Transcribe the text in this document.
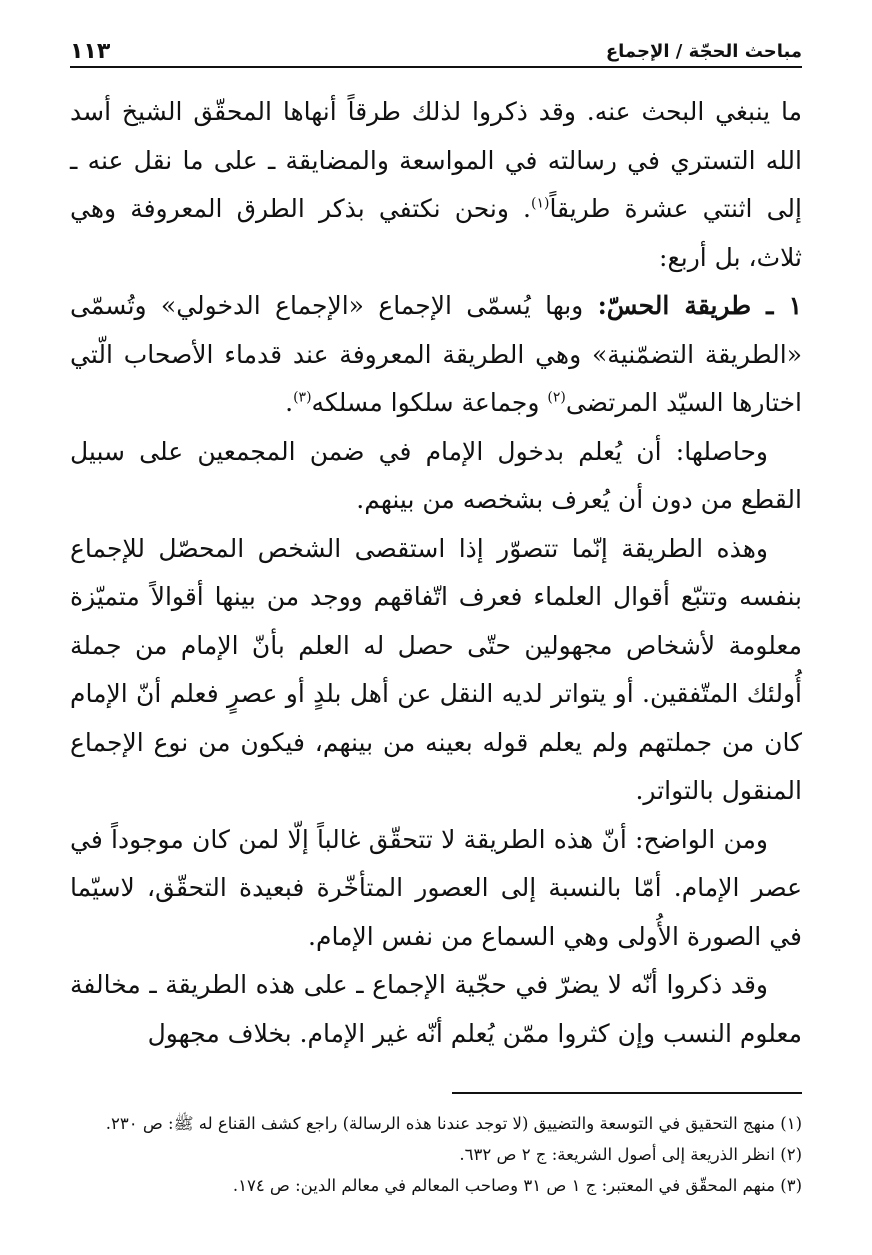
مباحث الحجّة / الإجماع
١١٣

ما ينبغي البحث عنه. وقد ذكروا لذلك طرقاً أنهاها المحقّق الشيخ أسد الله التستري في رسالته في المواسعة والمضايقة ـ على ما نقل عنه ـ إلى اثنتي عشرة طريقاً$^{(١)}$. ونحن نكتفي بذكر الطرق المعروفة وهي ثلاث، بل أربع:

١ ـ طريقة الحسّ: وبها يُسمّى الإجماع «الإجماع الدخولي» وتُسمّى «الطريقة التضمّنية» وهي الطريقة المعروفة عند قدماء الأصحاب الّتي اختارها السيّد المرتضى$^{(٢)}$ وجماعة سلكوا مسلكه$^{(٣)}$.

وحاصلها: أن يُعلم بدخول الإمام في ضمن المجمعين على سبيل القطع من دون أن يُعرف بشخصه من بينهم.

وهذه الطريقة إنّما تتصوّر إذا استقصى الشخص المحصّل للإجماع بنفسه وتتبّع أقوال العلماء فعرف اتّفاقهم ووجد من بينها أقوالاً متميّزة معلومة لأشخاص مجهولين حتّى حصل له العلم بأنّ الإمام من جملة أُولئك المتّفقين. أو يتواتر لديه النقل عن أهل بلدٍ أو عصرٍ فعلم أنّ الإمام كان من جملتهم ولم يعلم قوله بعينه من بينهم، فيكون من نوع الإجماع المنقول بالتواتر.

ومن الواضح: أنّ هذه الطريقة لا تتحقّق غالباً إلّا لمن كان موجوداً في عصر الإمام. أمّا بالنسبة إلى العصور المتأخّرة فبعيدة التحقّق، لاسيّما في الصورة الأُولى وهي السماع من نفس الإمام.

وقد ذكروا أنّه لا يضرّ في حجّية الإجماع ـ على هذه الطريقة ـ مخالفة معلوم النسب وإن كثروا ممّن يُعلم أنّه غير الإمام. بخلاف مجهول

(١) منهج التحقيق في التوسعة والتضييق (لا توجد عندنا هذه الرسالة) راجع كشف القناع له ﷺ: ص ٢٣٠.

(٢) انظر الذريعة إلى أصول الشريعة: ج ٢ ص ٦٣٢.

(٣) منهم المحقّق في المعتبر: ج ١ ص ٣١ وصاحب المعالم في معالم الدين: ص ١٧٤.
